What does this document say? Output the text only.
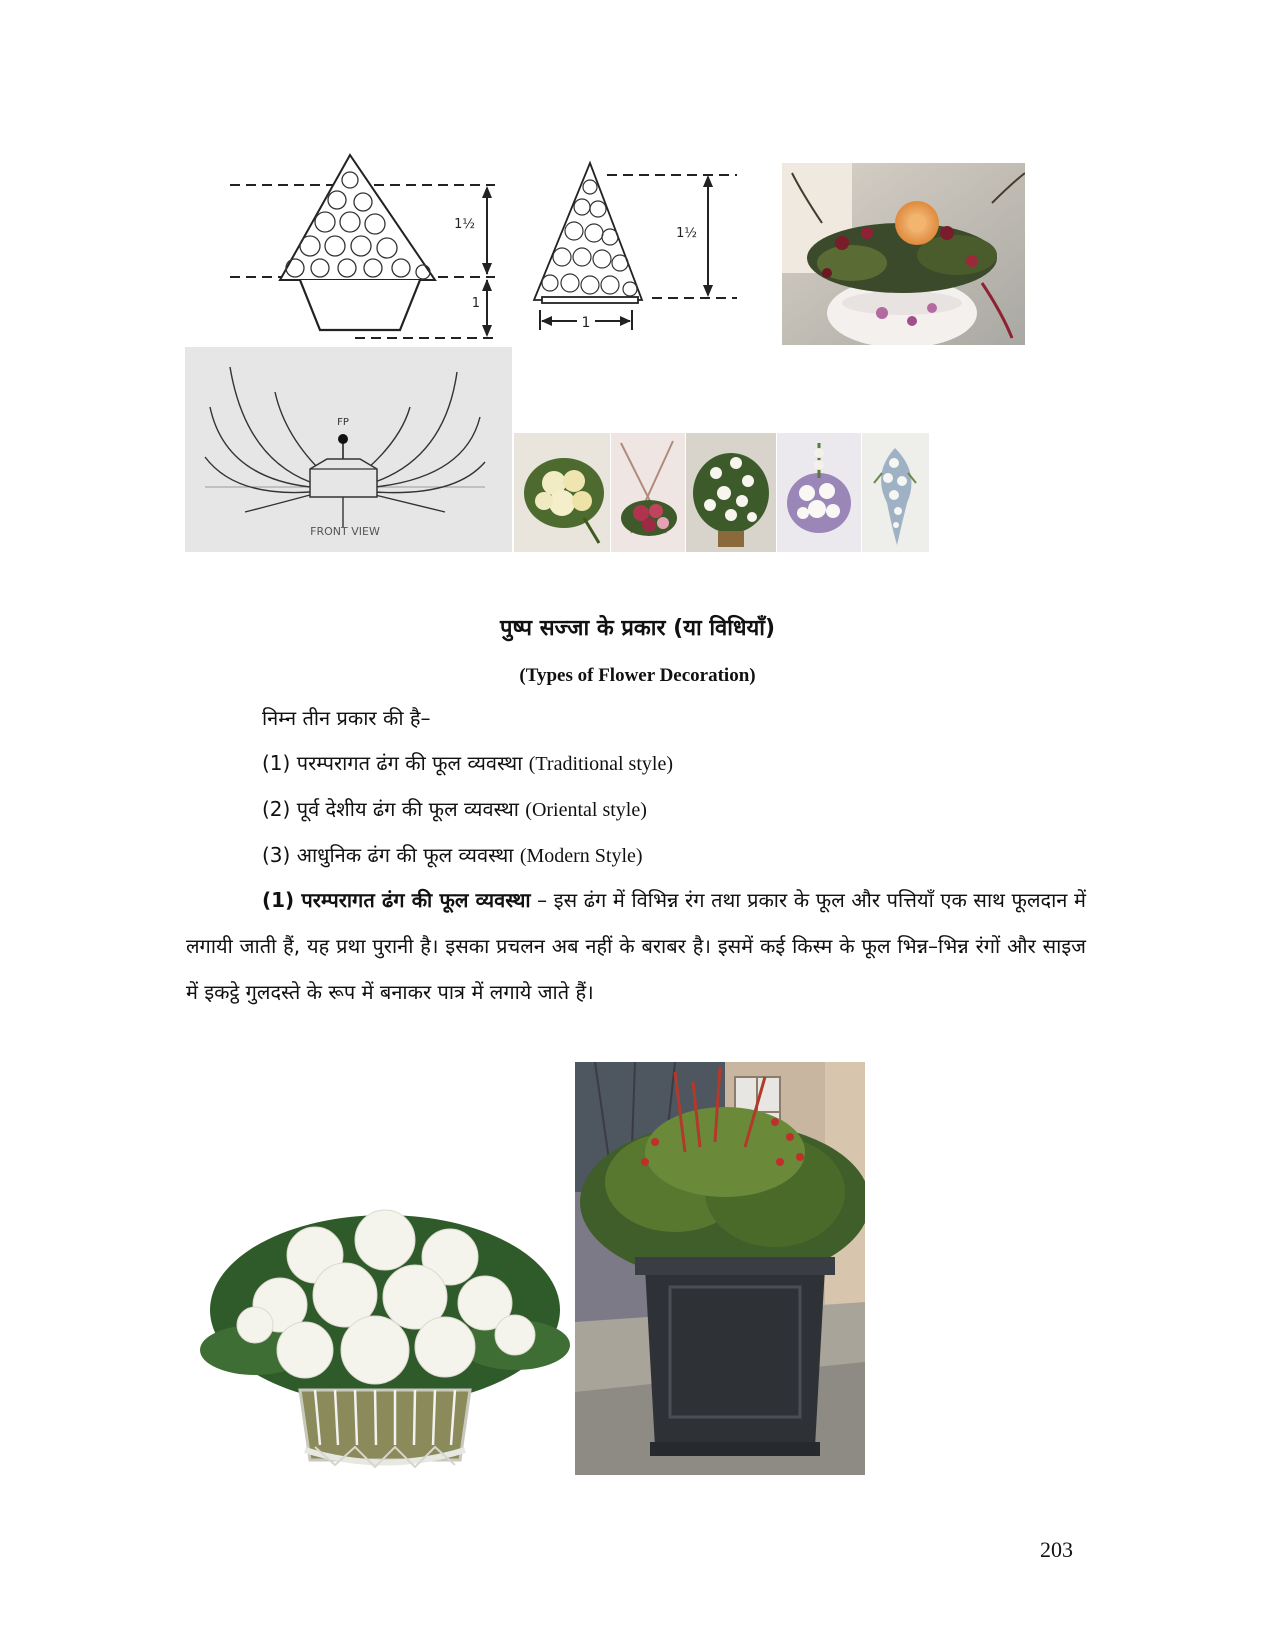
1½
1
1½
1
FP
FRONT VIEW
पुष्प सज्जा के प्रकार (या विधियाँ)
(Types of Flower Decoration)
निम्न तीन प्रकार की है–
(1) परम्परागत ढंग की फूल व्यवस्था (Traditional style)
(2) पूर्व देशीय ढंग की फूल व्यवस्था (Oriental style)
(3) आधुनिक ढंग की फूल व्यवस्था (Modern Style)
(1) परम्परागत ढंग की फूल व्यवस्था – इस ढंग में विभिन्न रंग तथा प्रकार के फूल और पत्तियाँ एक साथ फूलदान में लगायी जाती हैं, यह प्रथा पुरानी है। इसका प्रचलन अब नहीं के बराबर है। इसमें कई किस्म के फूल भिन्न–भिन्न रंगों और साइज में इकट्ठे गुलदस्ते के रूप में बनाकर पात्र में लगाये जाते हैं।
203
